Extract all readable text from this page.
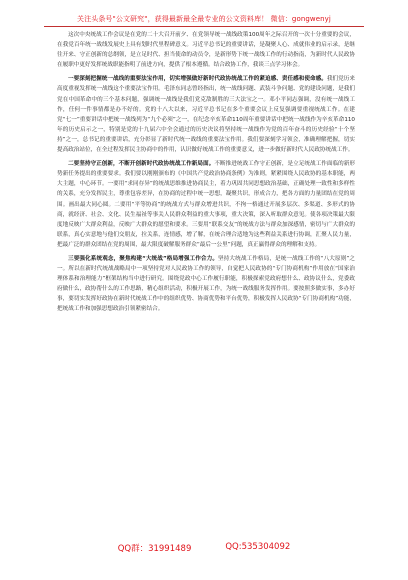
关注头条号"公文研究"，获得最新最全最专业的公文资料库！ 微信：gongwenyj

这次中央统战工作会议是在党的二十大召开前夕、在党领导统一战线政策100周年之际召开的一次十分重要的会议，在我党百年统一战线发展史上具有划时代里程碑意义。习近平总书记的重要讲话，是凝聚人心、成就伟业的启示录，是继往开来、守正创新的总纲领，是立足时代、担当使命的动员令，是新形势下统一战线工作的行动指南，为新时代人民政协在履职中更好发挥统战职能指明了前进方向，提供了根本遵循。结合政协工作，我谈三点学习体会。

一要深刻把握统一战线的重要法宝作用，切实增强做好新时代政协统战工作的紧迫感、责任感和使命感。我们党历来高度重视发挥统一战线这个重要法宝作用。毛泽东同志曾经指出，统一战线问题、武装斗争问题、党的建设问题，是我们党在中国革命中的三个基本问题，强调统一战线是我们党克敌制胜的三大法宝之一。邓小平同志强调，没有统一战线工作，任何一件事情都是办不好的。党的十八大以来，习近平总书记在多个重要会议上反复强调要重视统战工作。在建党“七一”重要讲话中把统一战线列为“九个必须”之一，在纪念辛亥革命110周年重要讲话中把统一战线作为辛亥革命110年的历史启示之一，特别是党的十九届六中全会通过的历史决议将坚持统一战线作为党的百年奋斗的历史经验“十个坚持”之一，总书记的重要讲话，充分彰显了新时代统一战线的重要法宝作用。我们要深刻学习领会，准确理解把握，切实提高政治站位，在全过程发挥民主协商中的作用，认识做好统战工作的重要意义，进一步做好新时代人民政协统战工作。

二要坚持守正创新，不断开创新时代政协统战工作新局面。不断推进统战工作守正创新，是立足统战工作面临的新形势新任务提出的重要要求。我们要以刚刚颁布的《中国共产党政治协商条例》为准则，紧紧围绕人民政协的基本职能，两大主题，中心环节。一要用“求同存异”的统战思维推进协商民主，着力巩固共同思想政治基础，正确处理一致性和多样性的关系，充分发挥民主，尊重包容差异，在协商的过程中统一思想，凝聚共识，形成合力，把各方面的力量团结在党的周围。画出最大同心圆。二要用“平等协商”的统战方式与群众增进共识，不拘一格通过开展多层次、多渠道、多形式的协商，就经济、社会、文化、民生福祉等事关人民群众利益的重大事项，重大决策，深入听取群众意见。使各项决策最大限度地反映广大群众利益，反映广大群众的愿望和要求。三要用“联系交友”的统战方法与群众加深感情，密切与广大群众的联系，真心实意地与他们交朋友，拉关系，连情感，增了解，在统合理合适地为这些利益关系进行协调，汇聚人民力量，把最广泛的群众团结在党的周围，最大限度破解服务群众“最后一公里”问题，真正赢得群众的理解和支持。

三要强化系统观念，聚焦构建“大统战”格局增强工作合力。坚持大统战工作格局，是统一战线工作的“八大原则”之一。所以在新时代统战战略局中一项坚持党对人民政协工作的领导，自觉把人民政协的“专门协商机构”作用放在“国家治理体系和治理能力”框架结构当中进行研究。围绕党政中心工作履行职能，积极探索党政府想什么、政协议什么，党委政府做什么，政协帮什么的工作思路，精心组织活动，积极开展工作，为统一战线服务发挥作用。要按照多做实事，多办好事，要切实发挥好政协在新时代统战工作中的组织优势、协商优势和平台优势，积极发挥人民政协“专门协商机构”功能，把统战工作和加强思想政治引领紧密结合。

QQ群：31991489	QQ:535304092
